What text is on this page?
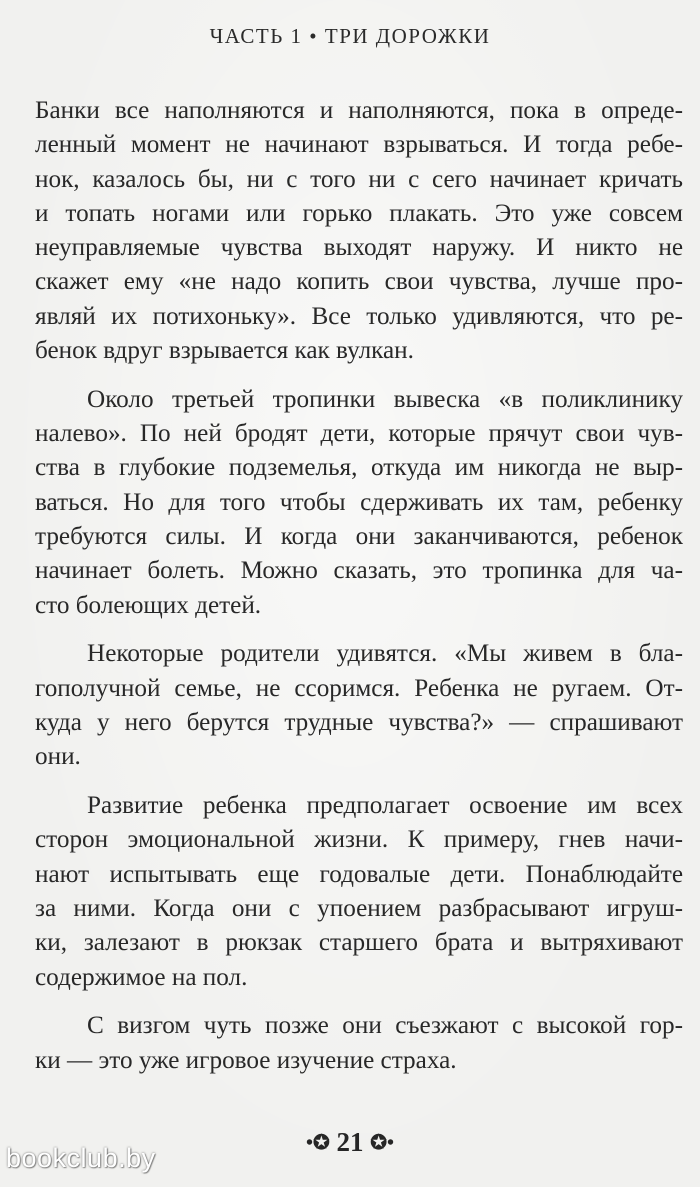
ЧАСТЬ 1 • ТРИ ДОРОЖКИ
Банки все наполняются и наполняются, пока в опреде-
ленный момент не начинают взрываться. И тогда ребе-
нок, казалось бы, ни с того ни с сего начинает кричать
и топать ногами или горько плакать. Это уже совсем
неуправляемые чувства выходят наружу. И никто не
скажет ему «не надо копить свои чувства, лучше про-
являй их потихоньку». Все только удивляются, что ре-
бенок вдруг взрывается как вулкан.
Около третьей тропинки вывеска «в поликлинику
налево». По ней бродят дети, которые прячут свои чув-
ства в глубокие подземелья, откуда им никогда не выр-
ваться. Но для того чтобы сдерживать их там, ребенку
требуются силы. И когда они заканчиваются, ребенок
начинает болеть. Можно сказать, это тропинка для ча-
сто болеющих детей.
Некоторые родители удивятся. «Мы живем в бла-
гополучной семье, не ссоримся. Ребенка не ругаем. От-
куда у него берутся трудные чувства?» — спрашивают
они.
Развитие ребенка предполагает освоение им всех
сторон эмоциональной жизни. К примеру, гнев начи-
нают испытывать еще годовалые дети. Понаблюдайте
за ними. Когда они с упоением разбрасывают игруш-
ки, залезают в рюкзак старшего брата и вытряхивают
содержимое на пол.
С визгом чуть позже они съезжают с высокой гор-
ки — это уже игровое изучение страха.
•✪ 21 ✪•
bookclub.by
